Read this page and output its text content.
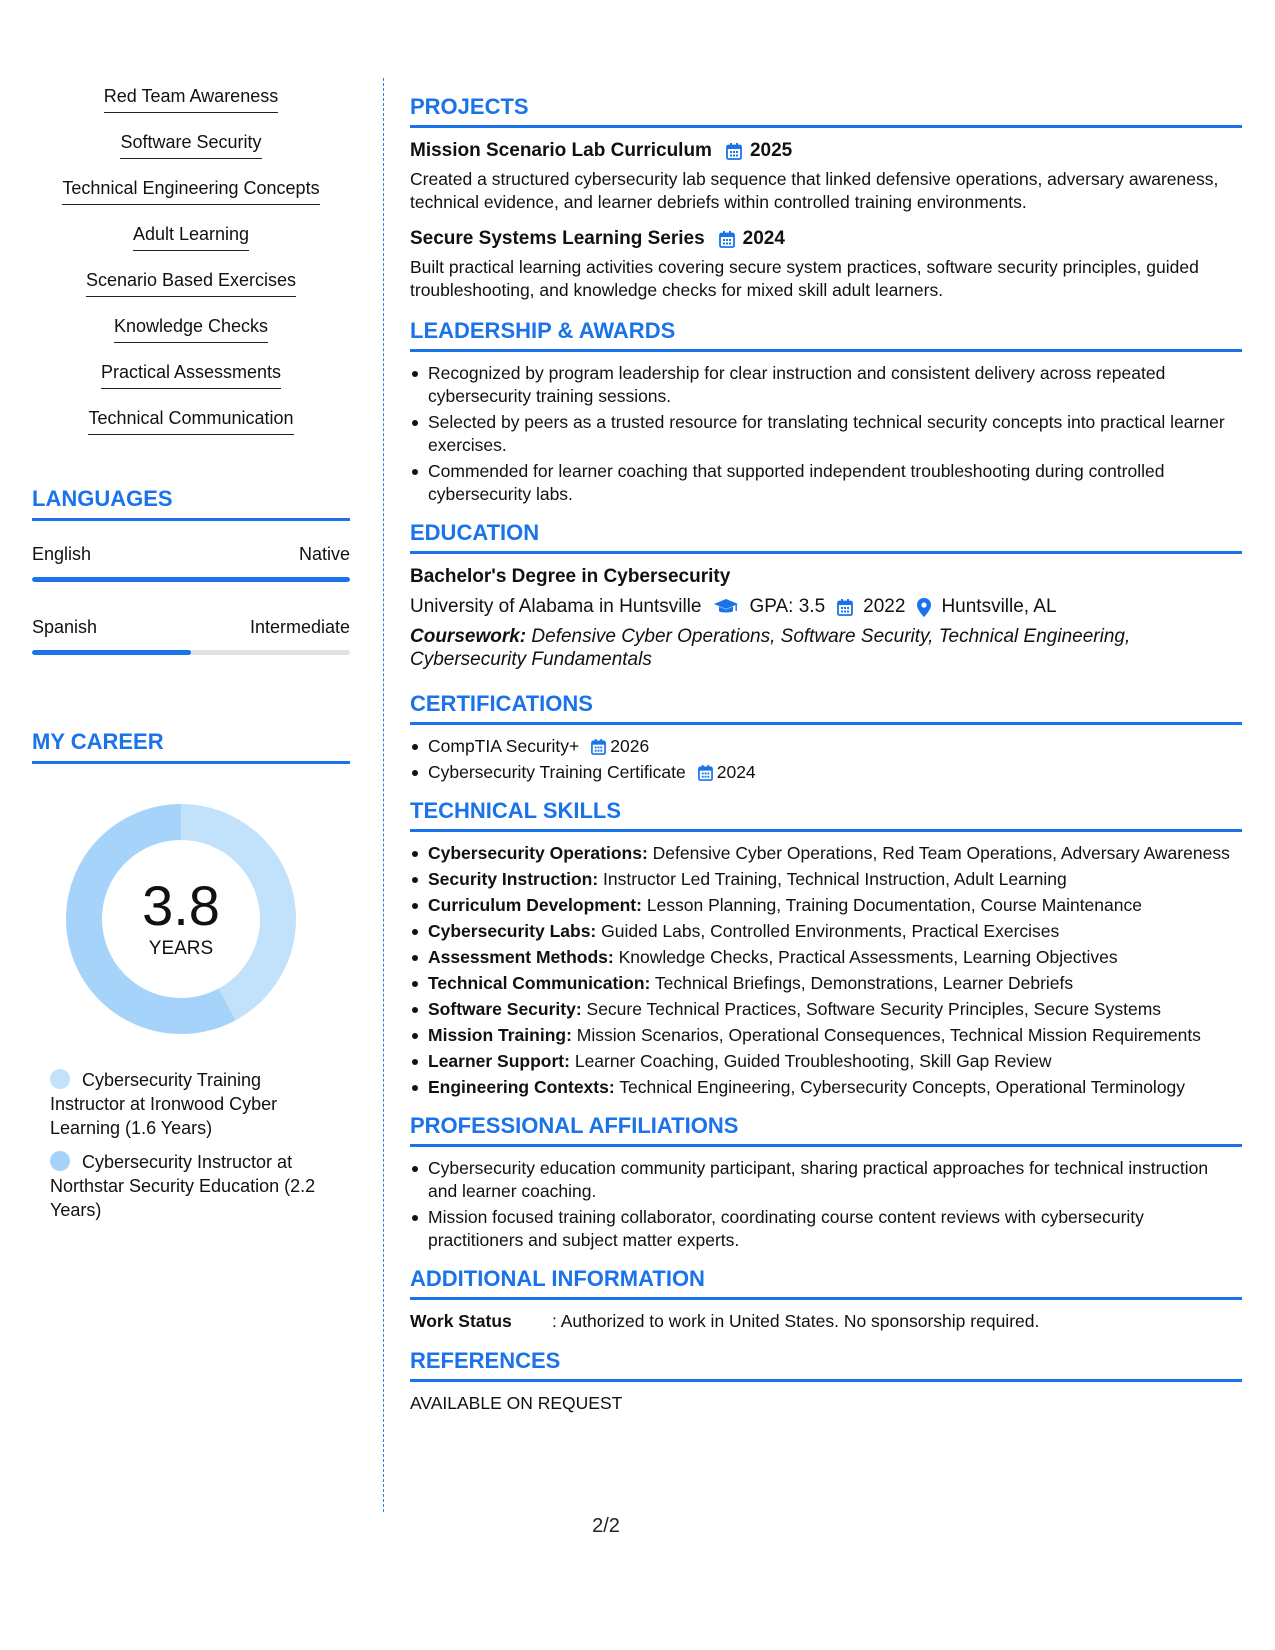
Red Team Awareness
Software Security
Technical Engineering Concepts
Adult Learning
Scenario Based Exercises
Knowledge Checks
Practical Assessments
Technical Communication
LANGUAGES
English	Native
Spanish	Intermediate
MY CAREER
3.8
YEARS
Cybersecurity Training Instructor at Ironwood Cyber Learning (1.6 Years)
Cybersecurity Instructor at Northstar Security Education (2.2 Years)
PROJECTS
Mission Scenario Lab Curriculum 2025
Created a structured cybersecurity lab sequence that linked defensive operations, adversary awareness, technical evidence, and learner debriefs within controlled training environments.
Secure Systems Learning Series 2024
Built practical learning activities covering secure system practices, software security principles, guided troubleshooting, and knowledge checks for mixed skill adult learners.
LEADERSHIP & AWARDS
Recognized by program leadership for clear instruction and consistent delivery across repeated cybersecurity training sessions.
Selected by peers as a trusted resource for translating technical security concepts into practical learner exercises.
Commended for learner coaching that supported independent troubleshooting during controlled cybersecurity labs.
EDUCATION
Bachelor's Degree in Cybersecurity
University of Alabama in Huntsville	GPA: 3.5 2022 Huntsville, AL
Coursework: Defensive Cyber Operations, Software Security, Technical Engineering, Cybersecurity Fundamentals
CERTIFICATIONS
CompTIA Security+ 2026
Cybersecurity Training Certificate 2024
TECHNICAL SKILLS
Cybersecurity Operations: Defensive Cyber Operations, Red Team Operations, Adversary Awareness
Security Instruction: Instructor Led Training, Technical Instruction, Adult Learning
Curriculum Development: Lesson Planning, Training Documentation, Course Maintenance
Cybersecurity Labs: Guided Labs, Controlled Environments, Practical Exercises
Assessment Methods: Knowledge Checks, Practical Assessments, Learning Objectives
Technical Communication: Technical Briefings, Demonstrations, Learner Debriefs
Software Security: Secure Technical Practices, Software Security Principles, Secure Systems
Mission Training: Mission Scenarios, Operational Consequences, Technical Mission Requirements
Learner Support: Learner Coaching, Guided Troubleshooting, Skill Gap Review
Engineering Contexts: Technical Engineering, Cybersecurity Concepts, Operational Terminology
PROFESSIONAL AFFILIATIONS
Cybersecurity education community participant, sharing practical approaches for technical instruction and learner coaching.
Mission focused training collaborator, coordinating course content reviews with cybersecurity practitioners and subject matter experts.
ADDITIONAL INFORMATION
Work Status	: Authorized to work in United States. No sponsorship required.
REFERENCES
AVAILABLE ON REQUEST
2/2
